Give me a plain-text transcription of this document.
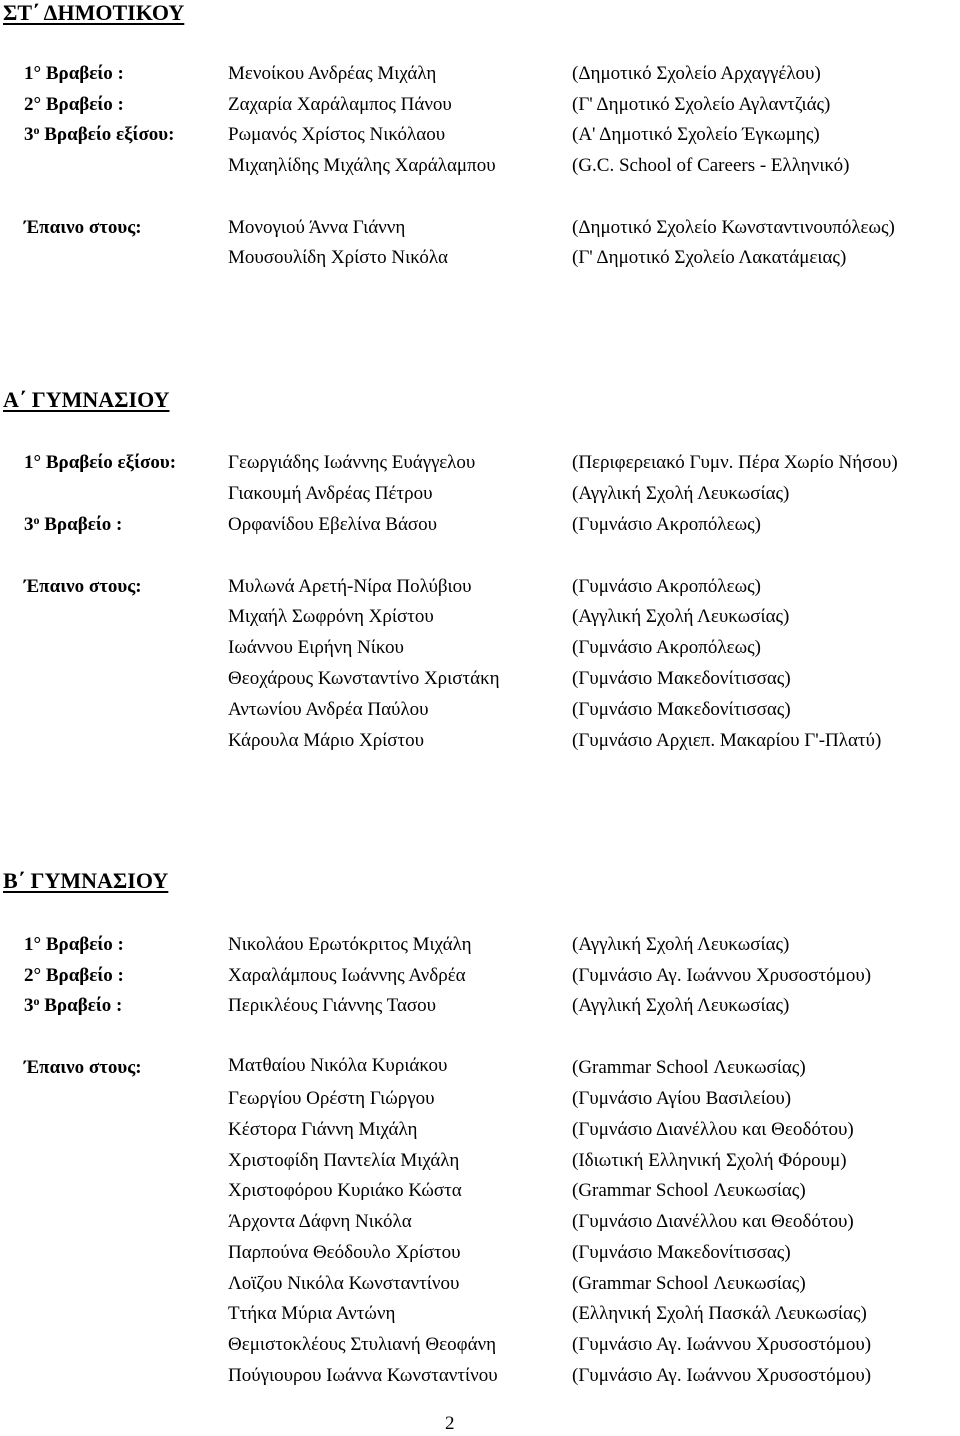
ΣΤ΄ ΔΗΜΟΤΙΚΟΥ
1° Βραβείο :	Μενοίκου Ανδρέας Μιχάλη	(Δημοτικό Σχολείο Αρχαγγέλου)
2° Βραβείο :	Ζαχαρία Χαράλαμπος Πάνου	(Γ' Δημοτικό Σχολείο Αγλαντζιάς)
$3^o$ Βραβείο εξίσου:	Ρωμανός Χρίστος Νικόλαου	(Α' Δημοτικό Σχολείο Έγκωμης)
Μιχαηλίδης Μιχάλης Χαράλαμπου	(G.C. School of Careers - Ελληνικό)
Έπαινο στους:	Μονογιού Άννα Γιάννη	(Δημοτικό Σχολείο Κωνσταντινουπόλεως)
Μουσουλίδη Χρίστο Νικόλα	(Γ' Δημοτικό Σχολείο Λακατάμειας)
Α΄ ΓΥΜΝΑΣΙΟΥ
1° Βραβείο εξίσου:	Γεωργιάδης Ιωάννης Ευάγγελου	(Περιφερειακό Γυμν. Πέρα Χωρίο Νήσου)
Γιακουμή Ανδρέας Πέτρου	(Αγγλική Σχολή Λευκωσίας)
$3^o$ Βραβείο :	Ορφανίδου Εβελίνα Βάσου	(Γυμνάσιο Ακροπόλεως)
Έπαινο στους:	Μυλωνά Αρετή-Νίρα Πολύβιου	(Γυμνάσιο Ακροπόλεως)
Μιχαήλ Σωφρόνη Χρίστου	(Αγγλική Σχολή Λευκωσίας)
Ιωάννου Ειρήνη Νίκου	(Γυμνάσιο Ακροπόλεως)
Θεοχάρους Κωνσταντίνο Χριστάκη	(Γυμνάσιο Μακεδονίτισσας)
Αντωνίου Ανδρέα Παύλου	(Γυμνάσιο Μακεδονίτισσας)
Κάρουλα Μάριο Χρίστου	(Γυμνάσιο Αρχιεπ. Μακαρίου Γ'-Πλατύ)
Β΄ ΓΥΜΝΑΣΙΟΥ
1° Βραβείο :	Νικολάου Ερωτόκριτος Μιχάλη	(Αγγλική Σχολή Λευκωσίας)
2° Βραβείο :	Χαραλάμπους Ιωάννης Ανδρέα	(Γυμνάσιο Αγ. Ιωάννου Χρυσοστόμου)
$3^o$ Βραβείο :	Περικλέους Γιάννης Τασου	(Αγγλική Σχολή Λευκωσίας)
Έπαινο στους:	Ματθαίου Νικόλα Κυριάκου	(Grammar School Λευκωσίας)
Γεωργίου Ορέστη Γιώργου	(Γυμνάσιο Αγίου Βασιλείου)
Κέστορα Γιάννη Μιχάλη	(Γυμνάσιο Διανέλλου και Θεοδότου)
Χριστοφίδη Παντελία Μιχάλη	(Ιδιωτική Ελληνική Σχολή Φόρουμ)
Χριστοφόρου Κυριάκο Κώστα	(Grammar School Λευκωσίας)
Άρχοντα Δάφνη Νικόλα	(Γυμνάσιο Διανέλλου και Θεοδότου)
Παρπούνα Θεόδουλο Χρίστου	(Γυμνάσιο Μακεδονίτισσας)
Λοϊζου Νικόλα Κωνσταντίνου	(Grammar School Λευκωσίας)
Ττήκα Μύρια Αντώνη	(Ελληνική Σχολή Πασκάλ Λευκωσίας)
Θεμιστοκλέους Στυλιανή Θεοφάνη	(Γυμνάσιο Αγ. Ιωάννου Χρυσοστόμου)
Πούγιουρου Ιωάννα Κωνσταντίνου	(Γυμνάσιο Αγ. Ιωάννου Χρυσοστόμου)
2
